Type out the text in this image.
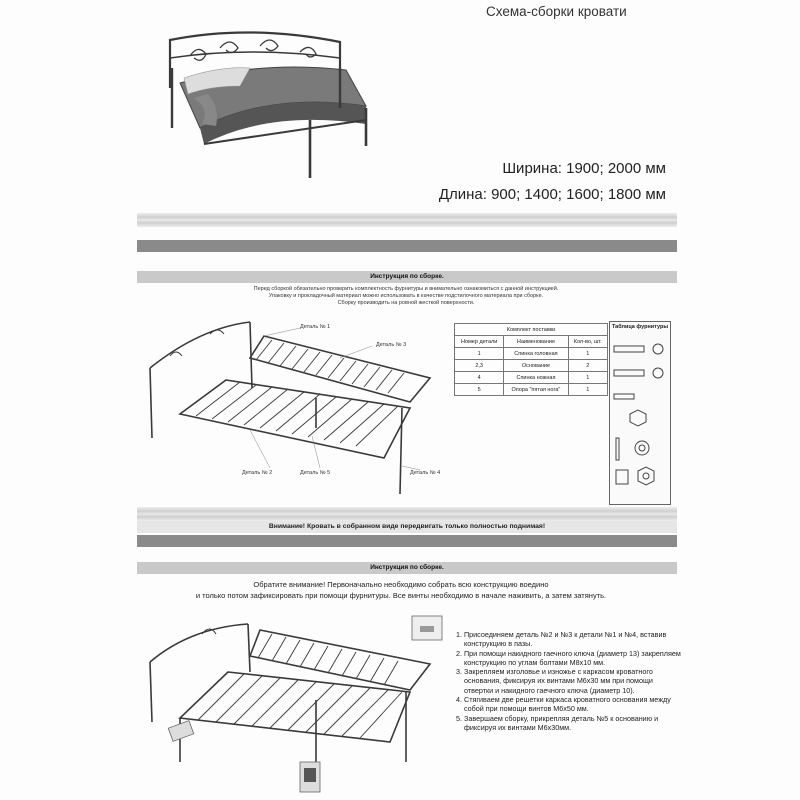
Схема-сборки кровати
Ширина: 1900; 2000 мм
Длина: 900; 1400; 1600; 1800 мм
Инструкция по сборке.
Перед сборкой обязательно проверить комплектность фурнитуры и внимательно ознакомиться с данной инструкцией.
Упаковку и прокладочный материал можно использовать в качестве подстилочного материала при сборке.
Сборку производить на ровной жесткой поверхности.
Деталь № 1
Деталь № 3
Деталь № 2	Деталь № 5	Деталь № 4
Комплект поставки		
Номер детали	Наименование	Кол-во, шт.
1	Спинка головная	1
2,3	Основание	2
4	Спинка ножная	1
5	Опора "пятая нога"	1
Таблица фурнитуры
Внимание! Кровать в собранном виде передвигать только полностью поднимая!
Инструкция по сборке.
Обратите внимание! Первоначально необходимо собрать всю конструкцию воедино
и только потом зафиксировать при помощи фурнитуры. Все винты необходимо в начале наживить, а затем затянуть.
1. Присоединяем деталь №2 и №3 к детали №1 и №4, вставив конструкцию в пазы.
2. При помощи накидного гаечного ключа (диаметр 13) закрепляем конструкцию по углам болтами М8х10 мм.
3. Закрепляем изголовье и изножье с каркасом кроватного основания, фиксируя их винтами М6х30 мм при помощи отвертки и накидного гаечного ключа (диаметр 10).
4. Стягиваем две решетки каркаса кроватного основания между собой при помощи винтов М6х50 мм.
5. Завершаем сборку, прикрепляя деталь №5 к основанию и фиксируя их винтами М6х30мм.
